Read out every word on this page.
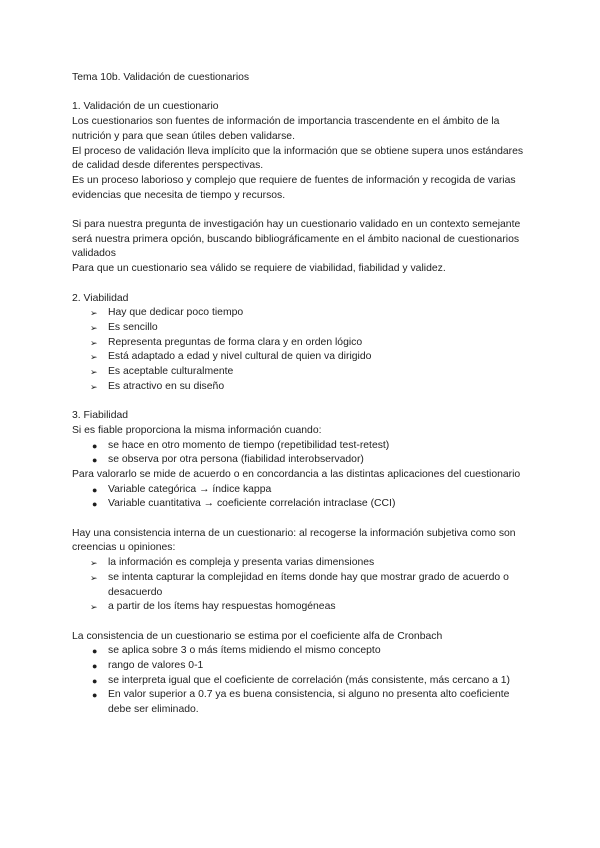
Tema 10b. Validación de cuestionarios

1. Validación de un cuestionario

Los cuestionarios son fuentes de información de importancia trascendente en el ámbito de la nutrición y para que sean útiles deben validarse.

El proceso de validación lleva implícito que la información que se obtiene supera unos estándares de calidad desde diferentes perspectivas.

Es un proceso laborioso y complejo que requiere de fuentes de información y recogida de varias evidencias que necesita de tiempo y recursos.

Si para nuestra pregunta de investigación hay un cuestionario validado en un contexto semejante será nuestra primera opción, buscando bibliográficamente en el ámbito nacional de cuestionarios validados

Para que un cuestionario sea válido se requiere de viabilidad, fiabilidad y validez.

2. Viabilidad

➢	Hay que dedicar poco tiempo
➢	Es sencillo
➢	Representa preguntas de forma clara y en orden lógico
➢	Está adaptado a edad y nivel cultural de quien va dirigido
➢	Es aceptable culturalmente
➢	Es atractivo en su diseño

3. Fiabilidad

Si es fiable proporciona la misma información cuando:

●	se hace en otro momento de tiempo (repetibilidad test-retest)
●	se observa por otra persona (fiabilidad interobservador)

Para valorarlo se mide de acuerdo o en concordancia a las distintas aplicaciones del cuestionario

●	Variable categórica → índice kappa
●	Variable cuantitativa → coeficiente correlación intraclase (CCI)

Hay una consistencia interna de un cuestionario: al recogerse la información subjetiva como son creencias u opiniones:

➢	la información es compleja y presenta varias dimensiones
➢	se intenta capturar la complejidad en ítems donde hay que mostrar grado de acuerdo o desacuerdo
➢	a partir de los ítems hay respuestas homogéneas

La consistencia de un cuestionario se estima por el coeficiente alfa de Cronbach

●	se aplica sobre 3 o más ítems midiendo el mismo concepto
●	rango de valores 0-1
●	se interpreta igual que el coeficiente de correlación (más consistente, más cercano a 1)
●	En valor superior a 0.7 ya es buena consistencia, si alguno no presenta alto coeficiente debe ser eliminado.
